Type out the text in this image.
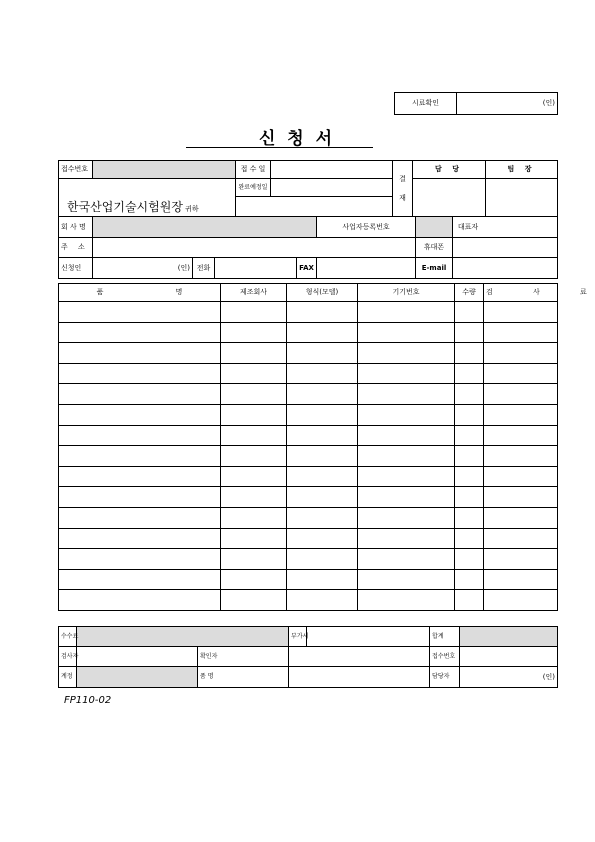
시료확인	(인)
신 청 서
접수번호		접 수 일		결
재	담 당	팀 장
한국산업기술시험원장 귀하		완료예정일				

회 사 명					사업자등록번호		대표자
주 소						휴대폰	
신청인	(인)	전화		FAX		E-mail	
품 명	제조회사	형식(모델)	기기번호	수량	검 사 료

수수료			부가세		합계	
검사자		확인자			접수번호	
계정		품 명			담당자	(인)
FP110-02
